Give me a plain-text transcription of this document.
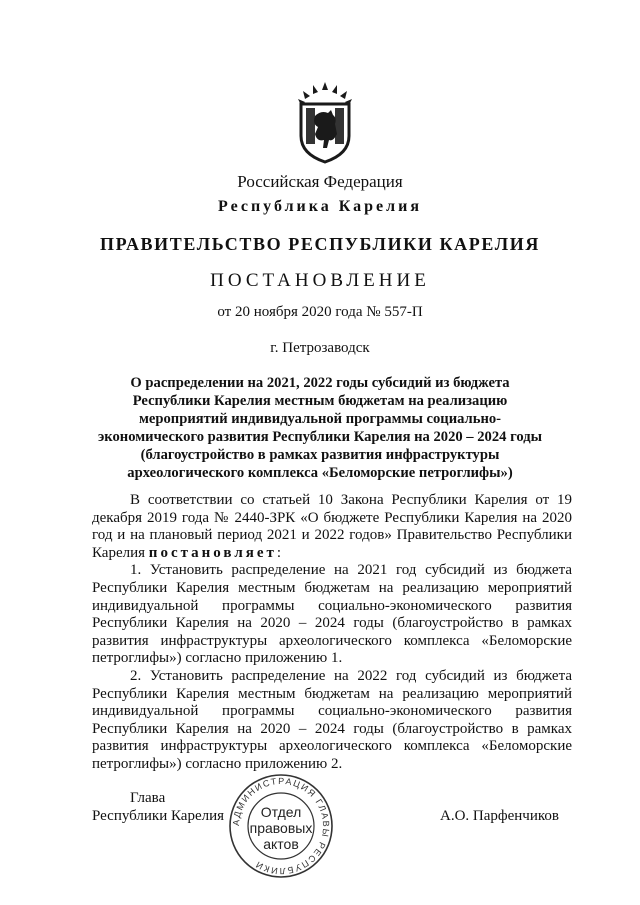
Российская Федерация
Республика Карелия
ПРАВИТЕЛЬСТВО РЕСПУБЛИКИ КАРЕЛИЯ
ПОСТАНОВЛЕНИЕ
от 20 ноября 2020 года № 557-П
г. Петрозаводск
О распределении на 2021, 2022 годы субсидий из бюджета
Республики Карелия местным бюджетам на реализацию
мероприятий индивидуальной программы социально-
экономического развития Республики Карелия на 2020 – 2024 годы
(благоустройство в рамках развития инфраструктуры
археологического комплекса «Беломорские петроглифы»)

В соответствии со статьей 10 Закона Республики Карелия от 19 декабря 2019 года № 2440-ЗРК «О бюджете Республики Карелия на 2020 год и на плановый период 2021 и 2022 годов» Правительство Республики Карелия постановляет:

1. Установить распределение на 2021 год субсидий из бюджета Республики Карелия местным бюджетам на реализацию мероприятий индивидуальной программы социально-экономического развития Республики Карелия на 2020 – 2024 годы (благоустройство в рамках развития инфраструктуры археологического комплекса «Беломорские петроглифы») согласно приложению 1.

2. Установить распределение на 2022 год субсидий из бюджета Республики Карелия местным бюджетам на реализацию мероприятий индивидуальной программы социально-экономического развития Республики Карелия на 2020 – 2024 годы (благоустройство в рамках развития инфраструктуры археологического комплекса «Беломорские петроглифы») согласно приложению 2.

Глава
Республики Карелия	А.О. Парфенчиков
АДМИНИСТРАЦИЯ ГЛАВЫ РЕСПУБЛИКИ
Отдел
правовых
актов
